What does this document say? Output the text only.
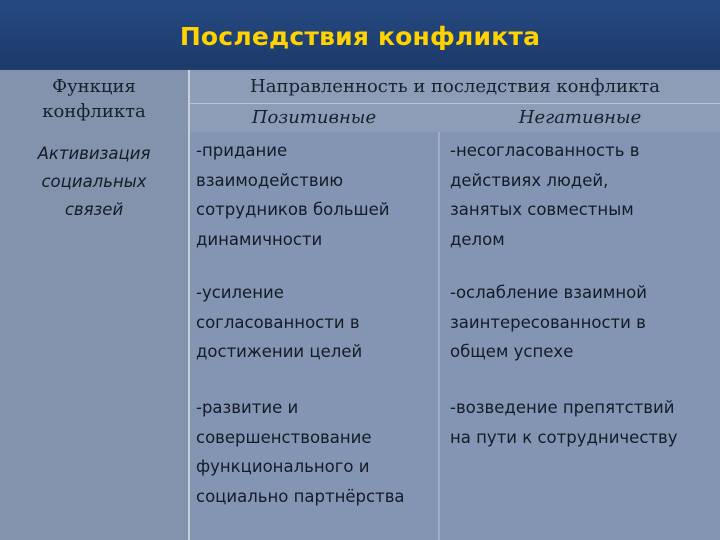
Последствия конфликта
Функция
конфликта
Активизация
социальных
связей
Направленность и последствия конфликта
Позитивные	Негативные
-придание
взаимодействию
сотрудников большей
динамичности
-несогласованность в
действиях людей,
занятых совместным
делом
-усиление
согласованности в
достижении целей
-ослабление взаимной
заинтересованности в
общем успехе
-развитие и
совершенствование
функционального и
социально партнёрства
-возведение препятствий
на пути к сотрудничеству
